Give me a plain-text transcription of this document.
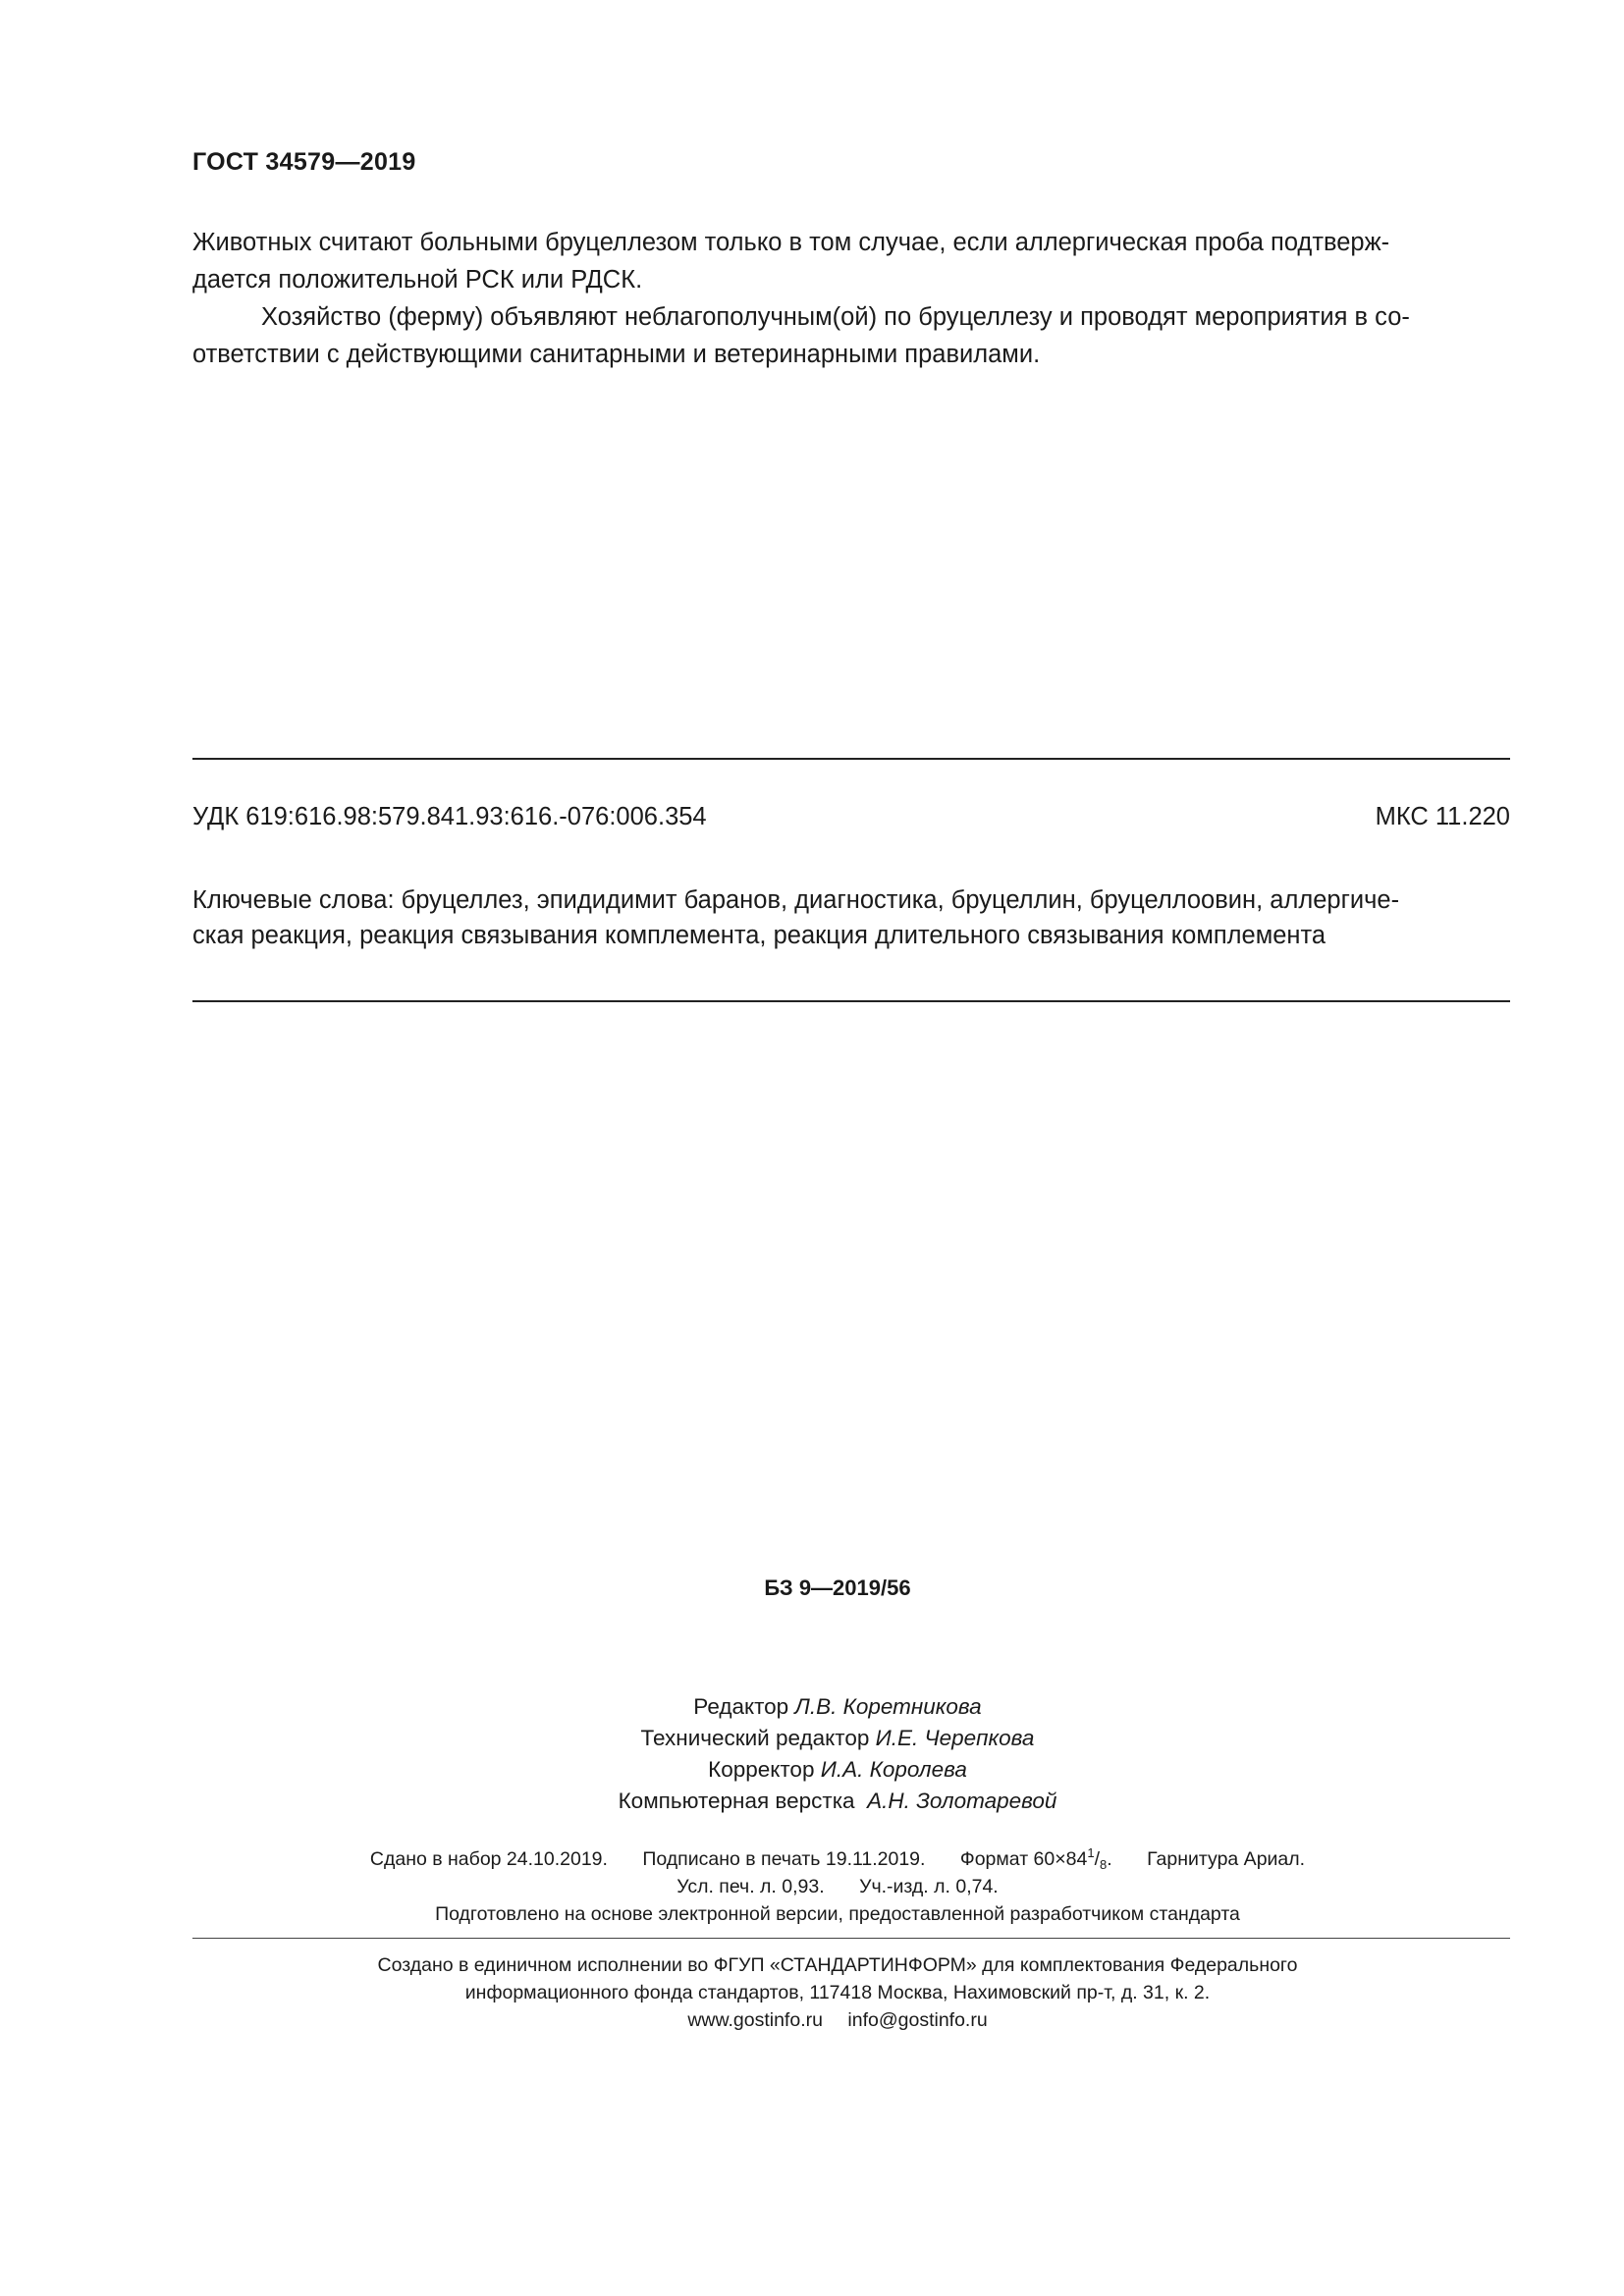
ГОСТ 34579—2019

Животных считают больными бруцеллезом только в том случае, если аллергическая проба подтверж-
дается положительной РСК или РДСК.

Хозяйство (ферму) объявляют неблагополучным(ой) по бруцеллезу и проводят мероприятия в со-
ответствии с действующими санитарными и ветеринарными правилами.

УДК 619:616.98:579.841.93:616.-076:006.354	МКС 11.220

Ключевые слова: бруцеллез, эпидидимит баранов, диагностика, бруцеллин, бруцеллоовин, аллергиче-
ская реакция, реакция связывания комплемента, реакция длительного связывания комплемента

БЗ 9—2019/56
Редактор Л.В. Коретникова
Технический редактор И.Е. Черепкова
Корректор И.А. Королева
Компьютерная верстка А.Н. Золотаревой
Сдано в набор 24.10.2019. Подписано в печать 19.11.2019. Формат $60\times 84^1/_8$. Гарнитура Ариал.
Усл. печ. л. 0,93. Уч.-изд. л. 0,74.
Подготовлено на основе электронной версии, предоставленной разработчиком стандарта
Создано в единичном исполнении во ФГУП «СТАНДАРТИНФОРМ» для комплектования Федерального
информационного фонда стандартов, 117418 Москва, Нахимовский пр-т, д. 31, к. 2.
www.gostinfo.ru info@gostinfo.ru
